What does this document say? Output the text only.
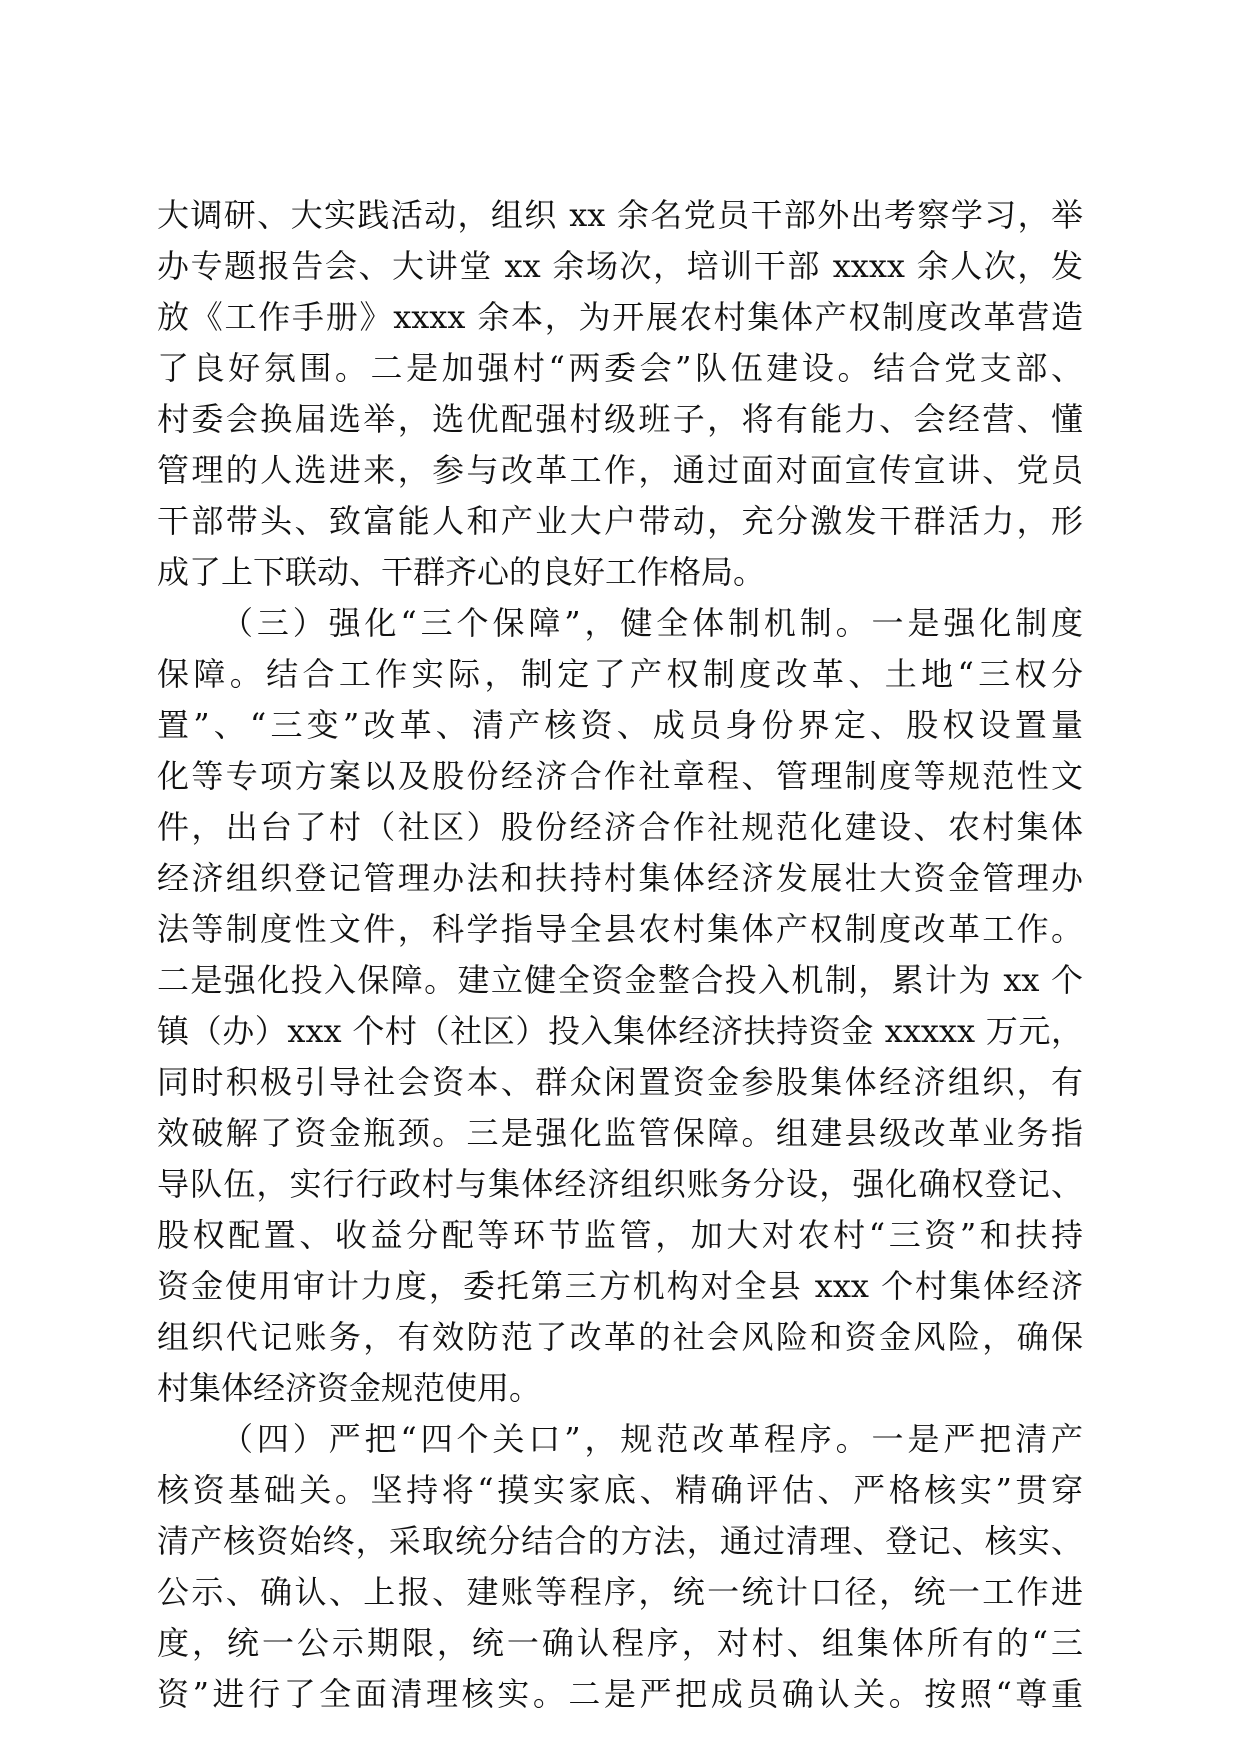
大调研、大实践活动，组织 xx 余名党员干部外出考察学习，举
办专题报告会、大讲堂 xx 余场次，培训干部 xxxx 余人次，发
放《工作手册》xxxx 余本，为开展农村集体产权制度改革营造
了良好氛围。二是加强村“两委会”队伍建设。结合党支部、
村委会换届选举，选优配强村级班子，将有能力、会经营、懂
管理的人选进来，参与改革工作，通过面对面宣传宣讲、党员
干部带头、致富能人和产业大户带动，充分激发干群活力，形
成了上下联动、干群齐心的良好工作格局。
（三）强化“三个保障”，健全体制机制。一是强化制度
保障。结合工作实际，制定了产权制度改革、土地“三权分
置”、“三变”改革、清产核资、成员身份界定、股权设置量
化等专项方案以及股份经济合作社章程、管理制度等规范性文
件，出台了村（社区）股份经济合作社规范化建设、农村集体
经济组织登记管理办法和扶持村集体经济发展壮大资金管理办
法等制度性文件，科学指导全县农村集体产权制度改革工作。
二是强化投入保障。建立健全资金整合投入机制，累计为 xx 个
镇（办）xxx 个村（社区）投入集体经济扶持资金 xxxxx 万元，
同时积极引导社会资本、群众闲置资金参股集体经济组织，有
效破解了资金瓶颈。三是强化监管保障。组建县级改革业务指
导队伍，实行行政村与集体经济组织账务分设，强化确权登记、
股权配置、收益分配等环节监管，加大对农村“三资”和扶持
资金使用审计力度，委托第三方机构对全县 xxx 个村集体经济
组织代记账务，有效防范了改革的社会风险和资金风险，确保
村集体经济资金规范使用。
（四）严把“四个关口”，规范改革程序。一是严把清产
核资基础关。坚持将“摸实家底、精确评估、严格核实”贯穿
清产核资始终，采取统分结合的方法，通过清理、登记、核实、
公示、确认、上报、建账等程序，统一统计口径，统一工作进
度，统一公示期限，统一确认程序，对村、组集体所有的“三
资”进行了全面清理核实。二是严把成员确认关。按照“尊重
